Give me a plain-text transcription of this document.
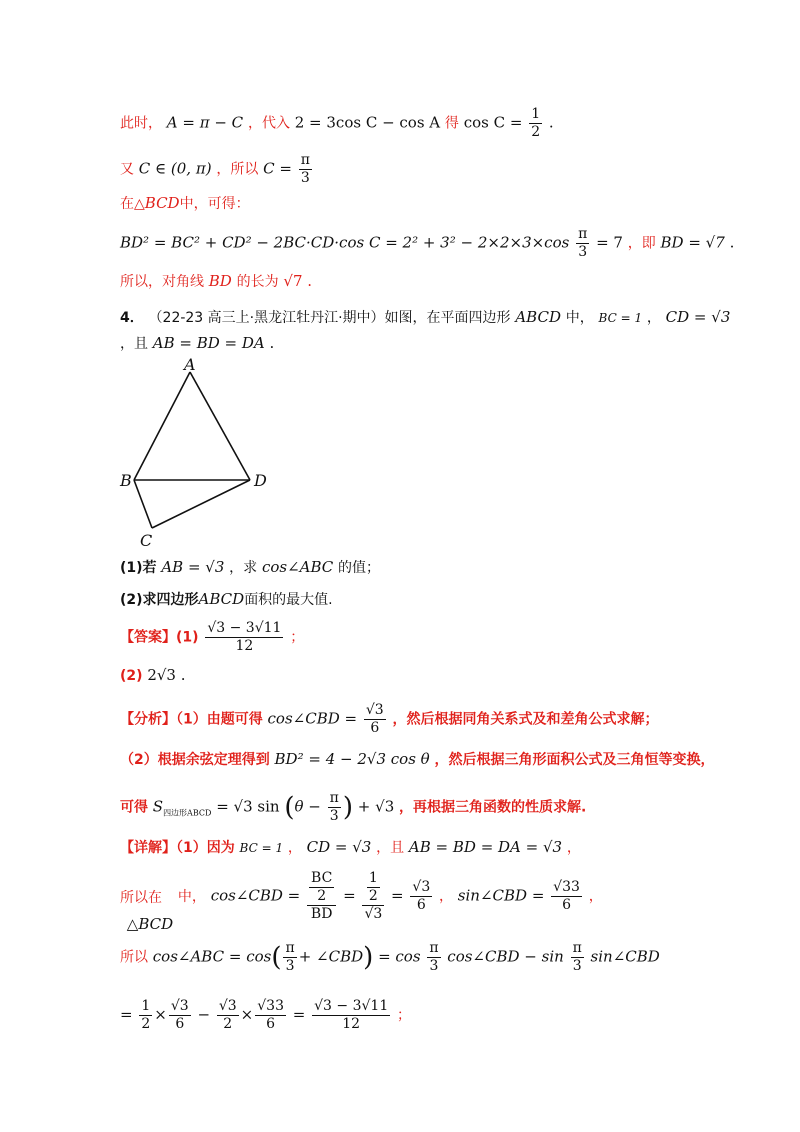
此时， A = π − C ，代入 2 = 3cos C − cos A 得 $\cos C = \frac{1}{2}$ .
又 C ∈ (0, π) ，所以 $C = \frac{\pi}{3}$
在△BCD中，可得：
BD² = BC² + CD² − 2BC·CD·cos $C = 2^2 + 3^2 - 2\times 2\times 3\times\cos \frac{\pi}{3} = 7$ ，即 BD = √7 .
所以，对角线 BD 的长为 √7 .
4． （22-23 高三上·黑龙江牡丹江·期中）如图，在平面四边形 ABCD 中， BC = 1 ， CD = √3
，且 AB = BD = DA .
A
B
C
D
(1)若 AB = √3 ，求 cos∠ABC 的值；
(2)求四边形ABCD面积的最大值.
【答案】$(1) \frac{√3 - 3√11}{12}$ ；
(2) 2√3 .
【分析】（1）由题可得 cos∠CBD = $\frac{√3}{6}$ ，然后根据同角关系式及和差角公式求解；
（2）根据余弦定理得到 BD² = 4 − 2√3 cos θ ，然后根据三角形面积公式及三角恒等变换，
可得 $S_{四边形ABCD} = √3$ $\sin (\theta - \frac{\pi}{3}$ ) + √3 ，再根据三角函数的性质求解.
【详解】（1）因为 BC = 1 ， CD = √3 ，且 AB = BD = DA = √3 ，
所以在 △BCD 中， cos∠CBD = $\frac{\frac{BC}{2}}{BD} = \frac{\frac{1}{2}}{√3} = \frac{√3}{6}$ ， sin∠CBD = $\frac{√33}{6}$ ，
所以 cos∠ABC = $\cos( \frac{\pi}{3}$ + ∠CBD) = $\cos \frac{\pi}{3}$ cos∠CBD − $\sin \frac{\pi}{3}$ sin∠CBD
= $\frac{1}{2} \times \frac{√3}{6} - \frac{√3}{2} \times \frac{√33}{6} = \frac{√3 - 3√11}{12}$ ；
